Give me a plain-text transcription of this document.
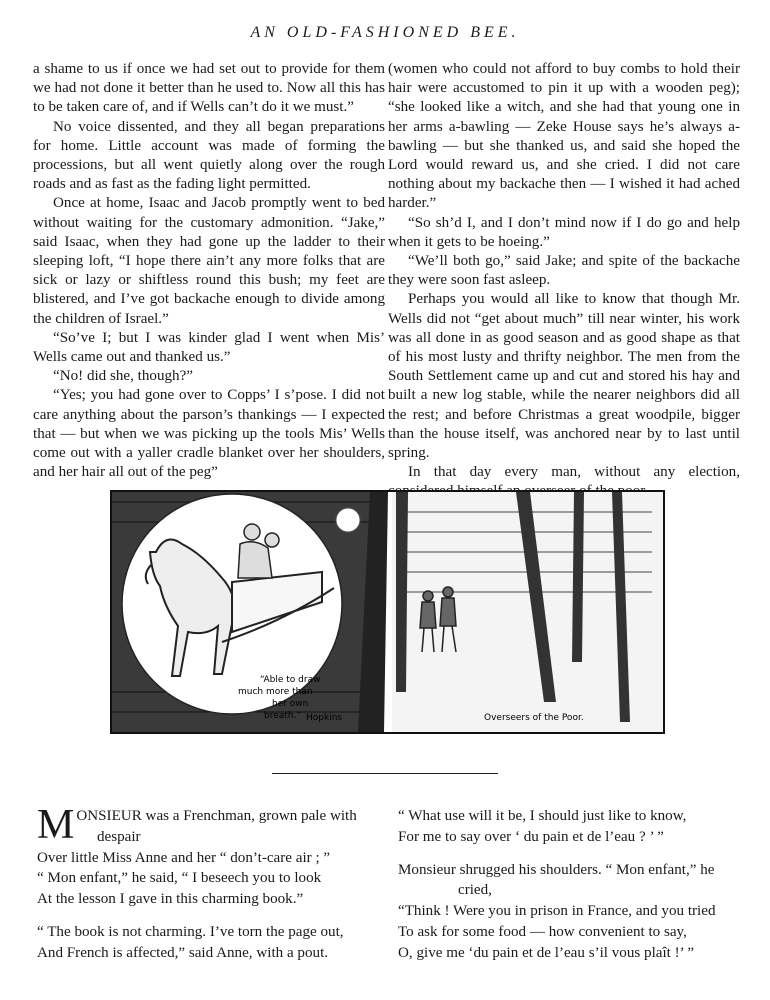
AN OLD-FASHIONED BEE.

a shame to us if once we had set out to provide for them we had not done it better than he used to. Now all this has to be taken care of, and if Wells can’t do it we must.”

No voice dissented, and they all began preparations for home. Little account was made of forming the processions, but all went quietly along over the rough roads and as fast as the fading light permitted.

Once at home, Isaac and Jacob promptly went to bed without waiting for the customary admonition. “Jake,” said Isaac, when they had gone up the ladder to their sleeping loft, “I hope there ain’t any more folks that are sick or lazy or shiftless round this bush; my feet are blistered, and I’ve got backache enough to divide among the children of Israel.”

“So’ve I; but I was kinder glad I went when Mis’ Wells came out and thanked us.”

“No! did she, though?”

“Yes; you had gone over to Copps’ I s’pose. I did not care anything about the parson’s thankings — I expected that — but when we was picking up the tools Mis’ Wells come out with a yaller cradle blanket over her shoulders, and her hair all out of the peg”

(women who could not afford to buy combs to hold their hair were accustomed to pin it up with a wooden peg); “she looked like a witch, and she had that young one in her arms a-bawling — Zeke House says he’s always a-bawling — but she thanked us, and said she hoped the Lord would reward us, and she cried. I did not care nothing about my backache then — I wished it had ached harder.”

“So sh’d I, and I don’t mind now if I do go and help when it gets to be hoeing.”

“We’ll both go,” said Jake; and spite of the backache they were soon fast asleep.

Perhaps you would all like to know that though Mr. Wells did not “get about much” till near winter, his work was all done in as good season and as good shape as that of his most lusty and thrifty neighbor. The men from the South Settlement came up and cut and stored his hay and built a new log stable, while the nearer neighbors did all the rest; and before Christmas a great woodpile, bigger than the house itself, was anchored near by to last until spring.

In that day every man, without any election,

“Able to draw
much more than
her own
breath.” Hopkins	Overseers of the Poor.
M ONSIEUR was a Frenchman, grown pale with
despair
Over little Miss Anne and her “ don’t-care air ; ”
“ Mon enfant,” he said, “ I beseech you to look
At the lesson I gave in this charming book.”
“ The book is not charming. I’ve torn the page out,
And French is affected,” said Anne, with a pout.
“ What use will it be, I should just like to know,
For me to say over ‘ du pain et de l’eau ? ’ ”
Monsieur shrugged his shoulders. “ Mon enfant,” he
cried,
“Think ! Were you in prison in France, and you tried
To ask for some food — how convenient to say,
O, give me ‘du pain et de l’eau s’il vous plaît !’ ”
